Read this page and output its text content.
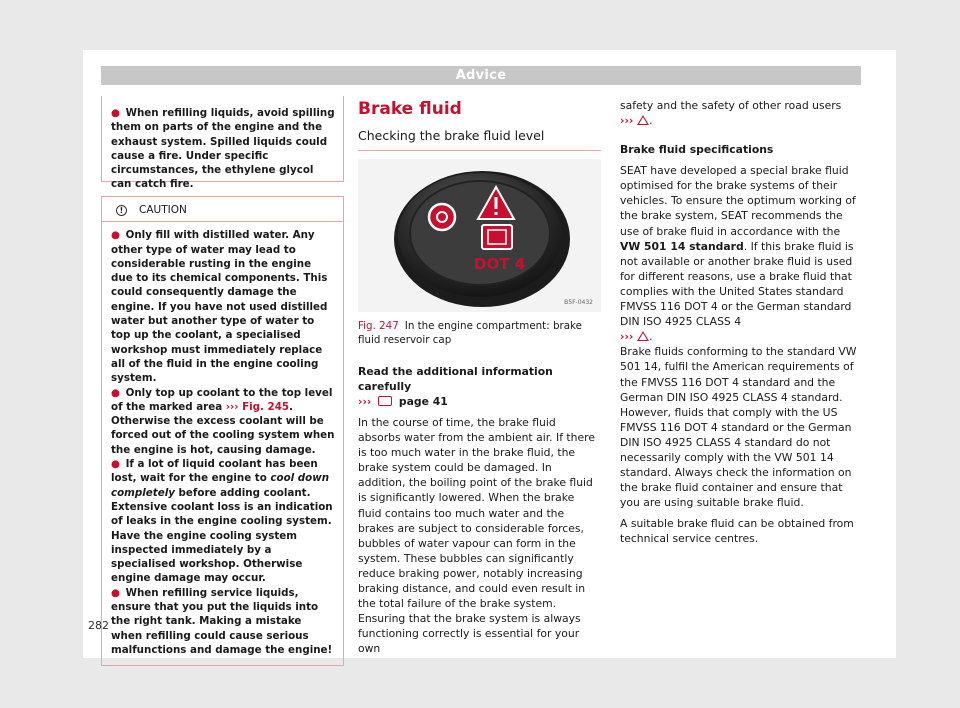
Advice
● When refilling liquids, avoid spilling them on parts of the engine and the exhaust system. Spilled liquids could cause a fire. Under specific circumstances, the ethylene glycol can catch fire.
!	CAUTION
● Only fill with distilled water. Any other type of water may lead to considerable rusting in the engine due to its chemical components. This could consequently damage the engine. If you have not used distilled water but another type of water to top up the coolant, a specialised workshop must immediately replace all of the fluid in the engine cooling system.
● Only top up coolant to the top level of the marked area ››› Fig. 245. Otherwise the excess coolant will be forced out of the cooling system when the engine is hot, causing damage.
● If a lot of liquid coolant has been lost, wait for the engine to cool down completely before adding coolant. Extensive coolant loss is an indication of leaks in the engine cooling system. Have the engine cooling system inspected immediately by a specialised workshop. Otherwise engine damage may occur.
● When refilling service liquids, ensure that you put the liquids into the right tank. Making a mistake when refilling could cause serious malfunctions and damage the engine!
Brake fluid
Checking the brake fluid level
DOT 4
B5F-0432
Fig. 247 In the engine compartment: brake fluid reservoir cap
Read the additional information carefully
›››	page 41
In the course of time, the brake fluid absorbs water from the ambient air. If there is too much water in the brake fluid, the brake system could be damaged. In addition, the boiling point of the brake fluid is significantly lowered. When the brake fluid contains too much water and the brakes are subject to considerable forces, bubbles of water vapour can form in the system. These bubbles can significantly reduce braking power, notably increasing braking distance, and could even result in the total failure of the brake system. Ensuring that the brake system is always functioning correctly is essential for your own
safety and the safety of other road users
››› .
Brake fluid specifications
SEAT have developed a special brake fluid optimised for the brake systems of their vehicles. To ensure the optimum working of the brake system, SEAT recommends the use of brake fluid in accordance with the VW 501 14 standard. If this brake fluid is not available or another brake fluid is used for different reasons, use a brake fluid that complies with the United States standard FMVSS 116 DOT 4 or the German standard DIN ISO 4925 CLASS 4
››› .
Brake fluids conforming to the standard VW 501 14, fulfil the American requirements of the FMVSS 116 DOT 4 standard and the German DIN ISO 4925 CLASS 4 standard. However, fluids that comply with the US FMVSS 116 DOT 4 standard or the German DIN ISO 4925 CLASS 4 standard do not necessarily comply with the VW 501 14 standard. Always check the information on the brake fluid container and ensure that you are using suitable brake fluid.
A suitable brake fluid can be obtained from technical service centres.
282
